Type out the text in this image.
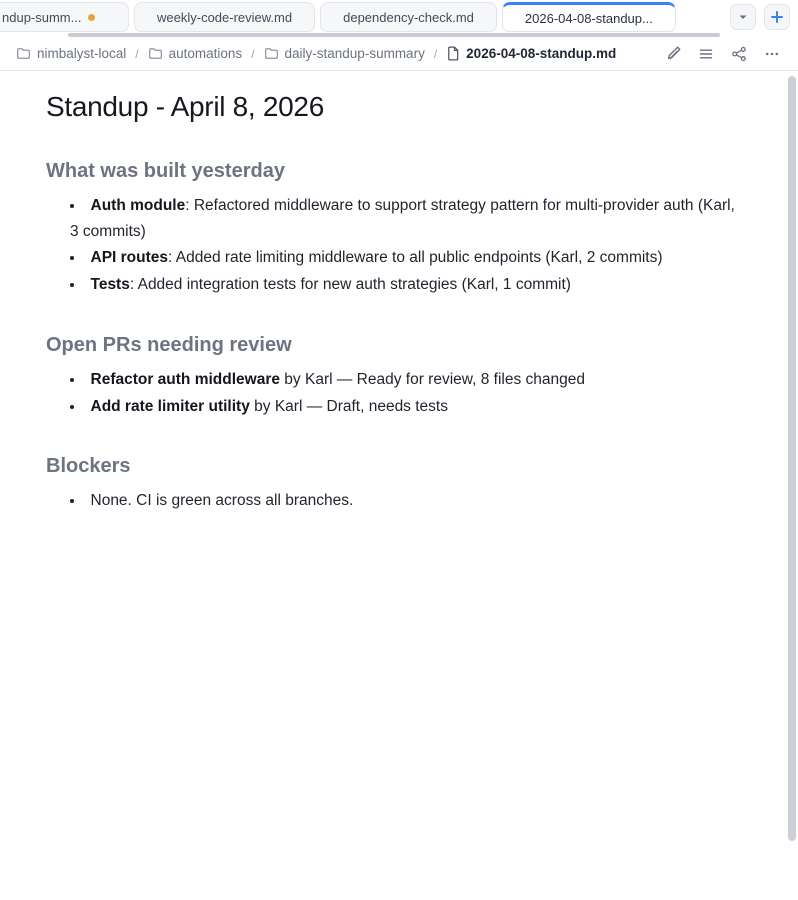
ndup-summ...	weekly-code-review.md	dependency-check.md	2026-04-08-standup...
nimbalyst-local / automations / daily-standup-summary / 2026-04-08-standup.md
Standup - April 8, 2026
What was built yesterday
• Auth module: Refactored middleware to support strategy pattern for multi-provider auth (Karl, 3 commits)
• API routes: Added rate limiting middleware to all public endpoints (Karl, 2 commits)
• Tests: Added integration tests for new auth strategies (Karl, 1 commit)
Open PRs needing review
• Refactor auth middleware by Karl — Ready for review, 8 files changed
• Add rate limiter utility by Karl — Draft, needs tests
Blockers
• None. CI is green across all branches.
